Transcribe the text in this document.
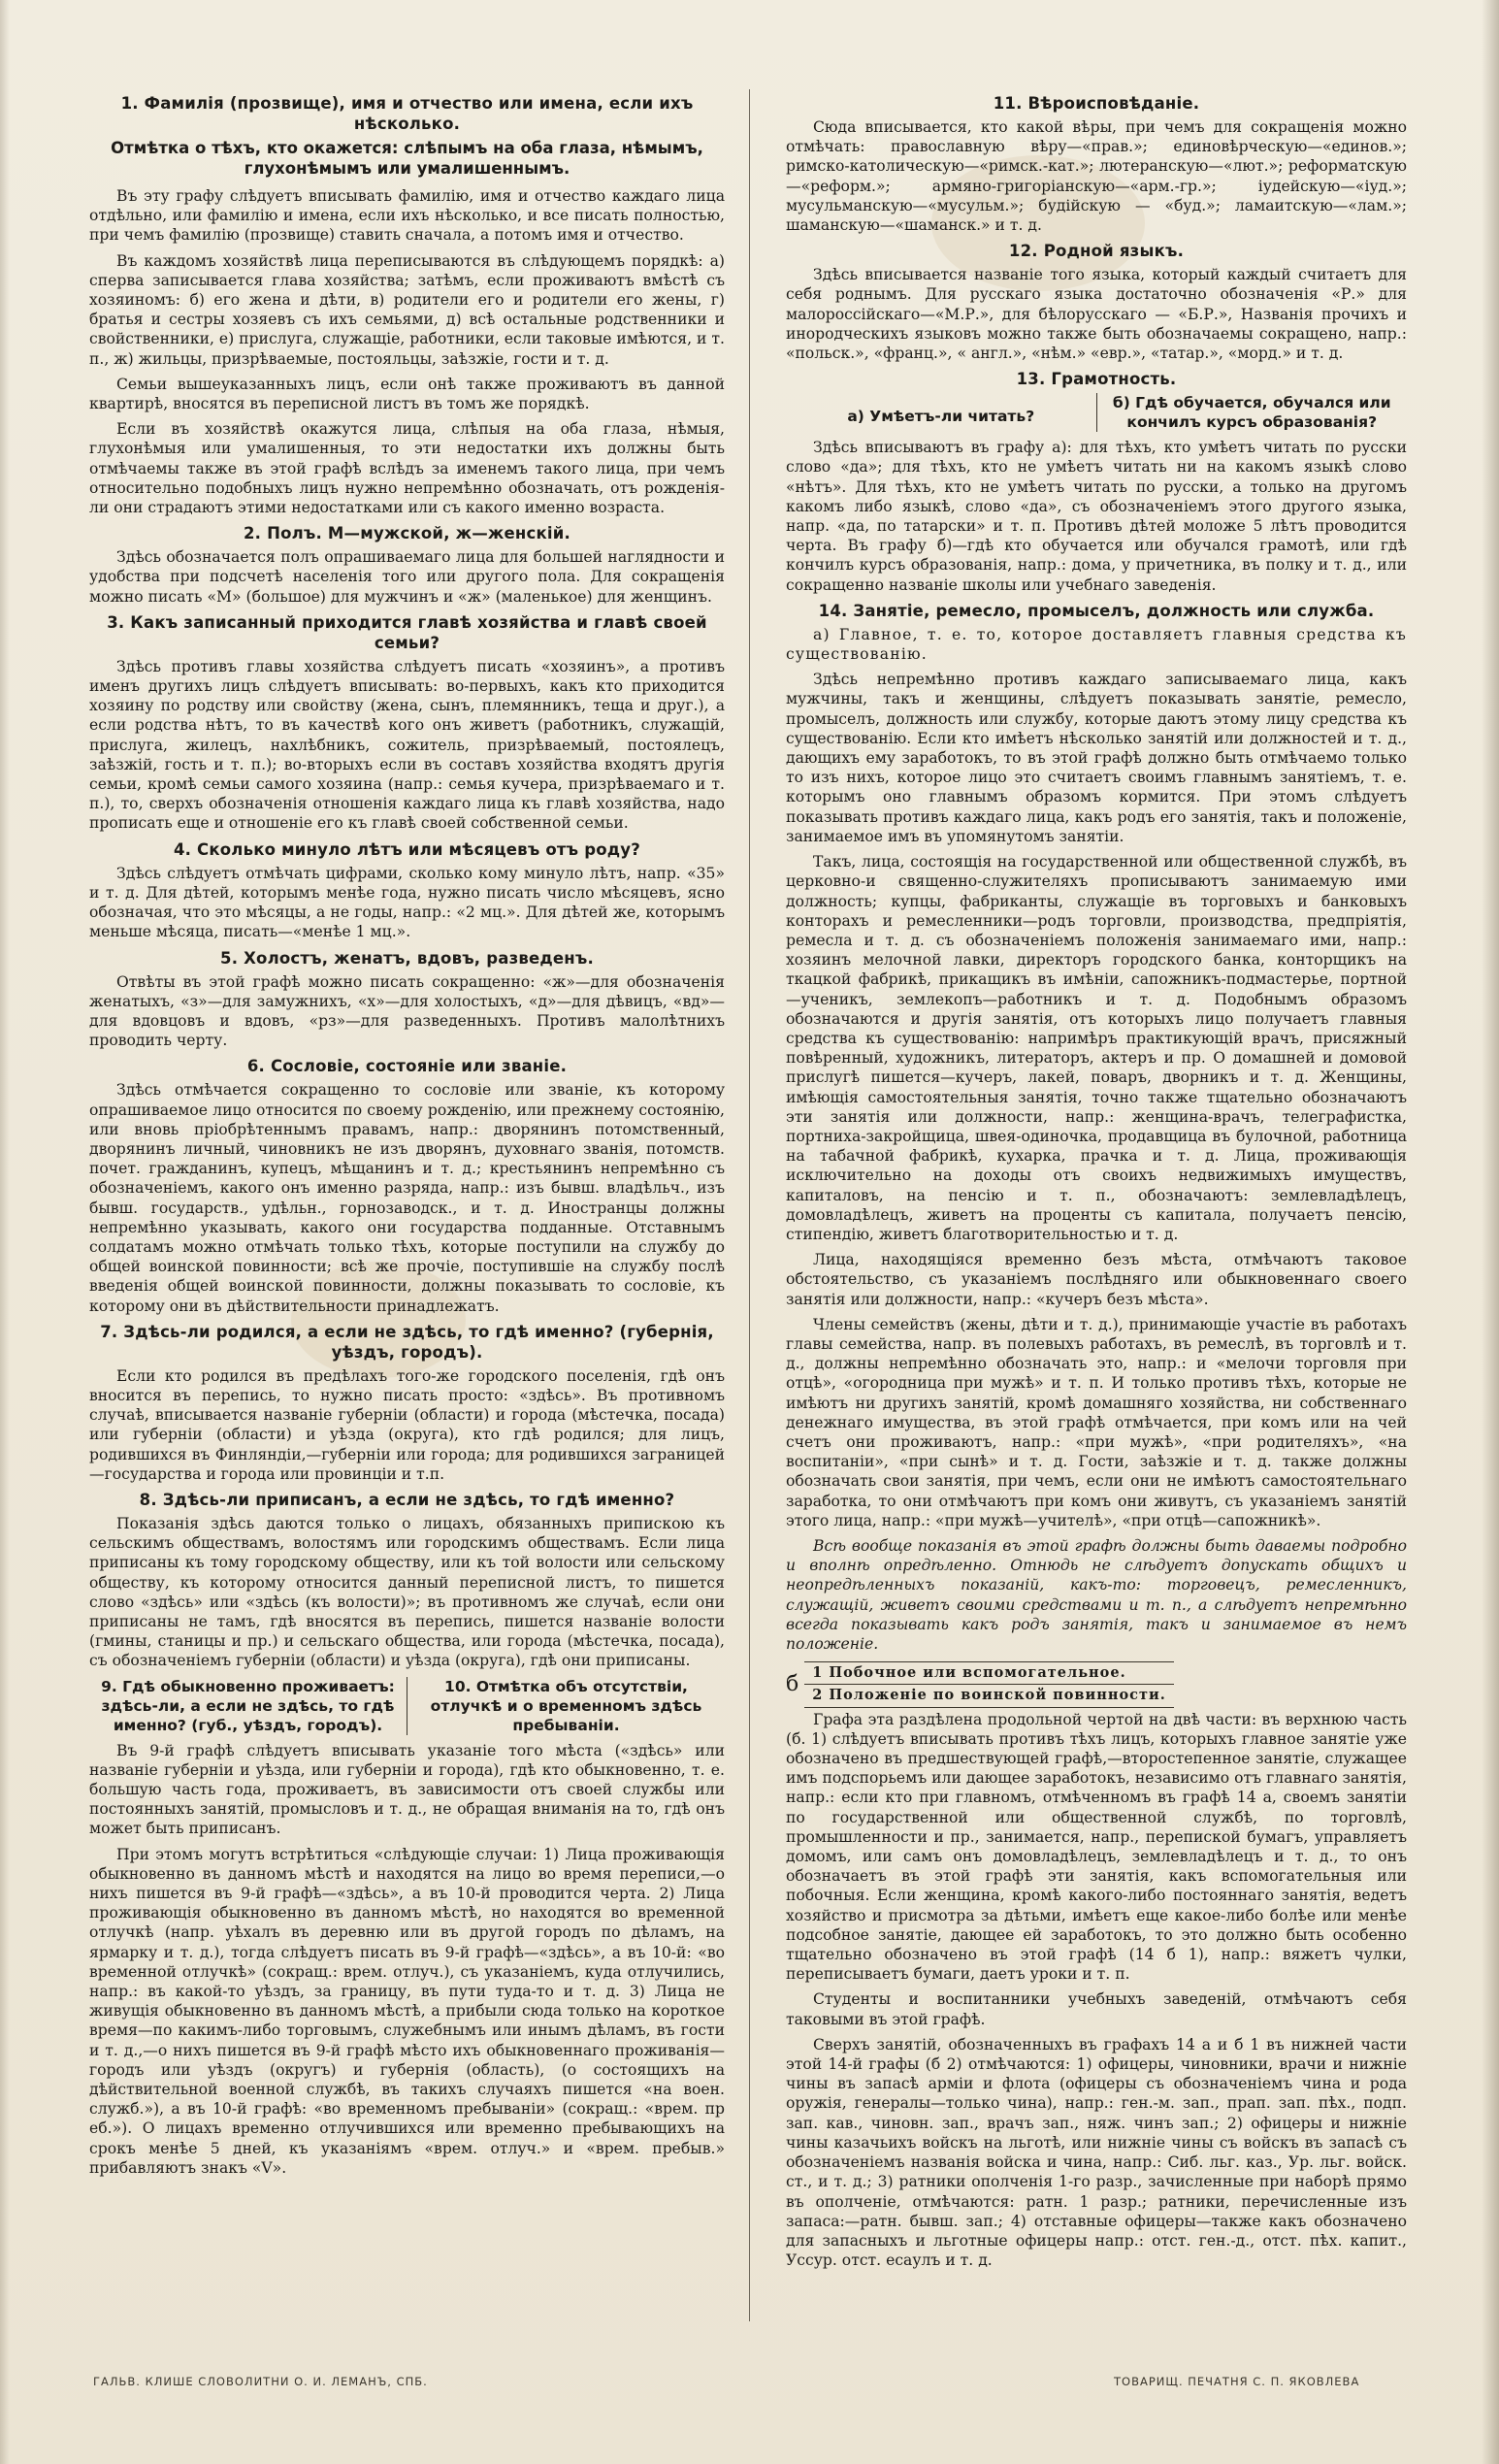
1. Фамилія (прозвище), имя и отчество или имена, если ихъ нѣсколько.
Отмѣтка о тѣхъ, кто окажется: слѣпымъ на оба глаза, нѣмымъ, глухонѣмымъ или умалишеннымъ.

Въ эту графу слѣдуетъ вписывать фамилію, имя и отчество каждаго лица отдѣльно, или фамилію и имена, если ихъ нѣсколько, и все писать полностью, при чемъ фамилію (прозвище) ставить сначала, а потомъ имя и отчество.

Въ каждомъ хозяйствѣ лица переписываются въ слѣдующемъ порядкѣ: а) сперва записывается глава хозяйства; затѣмъ, если проживаютъ вмѣстѣ съ хозяиномъ: б) его жена и дѣти, в) родители его и родители его жены, г) братья и сестры хозяевъ съ ихъ семьями, д) всѣ остальные родственники и свойственники, е) прислуга, служащіе, работники, если таковые имѣются, и т. п., ж) жильцы, призрѣваемые, постояльцы, заѣзжіе, гости и т. д.

Семьи вышеуказанныхъ лицъ, если онѣ также проживаютъ въ данной квартирѣ, вносятся въ переписной листъ въ томъ же порядкѣ.

Если въ хозяйствѣ окажутся лица, слѣпыя на оба глаза, нѣмыя, глухонѣмыя или умалишенныя, то эти недостатки ихъ должны быть отмѣчаемы также въ этой графѣ вслѣдъ за именемъ такого лица, при чемъ относительно подобныхъ лицъ нужно непремѣнно обозначать, отъ рожденія-ли они страдаютъ этими недостатками или съ какого именно возраста.

2. Полъ. М—мужской, ж—женскій.

Здѣсь обозначается полъ опрашиваемаго лица для большей наглядности и удобства при подсчетѣ населенія того или другого пола. Для сокращенія можно писать «М» (большое) для мужчинъ и «ж» (маленькое) для женщинъ.

3. Какъ записанный приходится главѣ хозяйства и главѣ своей семьи?

Здѣсь противъ главы хозяйства слѣдуетъ писать «хозяинъ», а противъ именъ другихъ лицъ слѣдуетъ вписывать: во-первыхъ, какъ кто приходится хозяину по родству или свойству (жена, сынъ, племянникъ, теща и друг.), а если родства нѣтъ, то въ качествѣ кого онъ живетъ (работникъ, служащій, прислуга, жилецъ, нахлѣбникъ, сожитель, призрѣваемый, постоялецъ, заѣзжій, гость и т. п.); во-вторыхъ если въ составъ хозяйства входятъ другія семьи, кромѣ семьи самого хозяина (напр.: семья кучера, призрѣваемаго и т. п.), то, сверхъ обозначенія отношенія каждаго лица къ главѣ хозяйства, надо прописать еще и отношеніе его къ главѣ своей собственной семьи.

4. Сколько минуло лѣтъ или мѣсяцевъ отъ роду?

Здѣсь слѣдуетъ отмѣчать цифрами, сколько кому минуло лѣтъ, напр. «35» и т. д. Для дѣтей, которымъ менѣе года, нужно писать число мѣсяцевъ, ясно обозначая, что это мѣсяцы, а не годы, напр.: «2 мц.». Для дѣтей же, которымъ меньше мѣсяца, писать—«менѣе 1 мц.».

5. Холостъ, женатъ, вдовъ, разведенъ.

Отвѣты въ этой графѣ можно писать сокращенно: «ж»—для обозначенія женатыхъ, «з»—для замужнихъ, «х»—для холостыхъ, «д»—для дѣвицъ, «вд»—для вдовцовъ и вдовъ, «рз»—для разведенныхъ. Противъ малолѣтнихъ проводить черту.

6. Сословіе, состояніе или званіе.

Здѣсь отмѣчается сокращенно то сословіе или званіе, къ которому опрашиваемое лицо относится по своему рожденію, или прежнему состоянію, или вновь пріобрѣтеннымъ правамъ, напр.: дворянинъ потомственный, дворянинъ личный, чиновникъ не изъ дворянъ, духовнаго званія, потомств. почет. гражданинъ, купецъ, мѣщанинъ и т. д.; крестьянинъ непремѣнно съ обозначеніемъ, какого онъ именно разряда, напр.: изъ бывш. владѣльч., изъ бывш. государств., удѣльн., горнозаводск., и т. д. Иностранцы должны непремѣнно указывать, какого они государства подданные. Отставнымъ солдатамъ можно отмѣчать только тѣхъ, которые поступили на службу до общей воинской повинности; всѣ же прочіе, поступившіе на службу послѣ введенія общей воинской повинности, должны показывать то сословіе, къ которому они въ дѣйствительности принадлежатъ.

7. Здѣсь-ли родился, а если не здѣсь, то гдѣ именно? (губернія, уѣздъ, городъ).

Если кто родился въ предѣлахъ того-же городского поселенія, гдѣ онъ вносится въ перепись, то нужно писать просто: «здѣсь». Въ противномъ случаѣ, вписывается названіе губерніи (области) и города (мѣстечка, посада) или губерніи (области) и уѣзда (округа), кто гдѣ родился; для лицъ, родившихся въ Финляндіи,—губерніи или города; для родившихся заграницей—государства и города или провинціи и т.п.

8. Здѣсь-ли приписанъ, а если не здѣсь, то гдѣ именно?

Показанія здѣсь даются только о лицахъ, обязанныхъ припискою къ сельскимъ обществамъ, волостямъ или городскимъ обществамъ. Если лица приписаны къ тому городскому обществу, или къ той волости или сельскому обществу, къ которому относится данный переписной листъ, то пишется слово «здѣсь» или «здѣсь (къ волости)»; въ противномъ же случаѣ, если они приписаны не тамъ, гдѣ вносятся въ перепись, пишется названіе волости (гмины, станицы и пр.) и сельскаго общества, или города (мѣстечка, посада), съ обозначеніемъ губерніи (области) и уѣзда (округа), гдѣ они приписаны.

9. Гдѣ обыкновенно проживаетъ: здѣсь-ли, а если не здѣсь, то гдѣ именно? (губ., уѣздъ, городъ).
10. Отмѣтка объ отсутствіи, отлучкѣ и о временномъ здѣсь пребываніи.

Въ 9-й графѣ слѣдуетъ вписывать указаніе того мѣста («здѣсь» или названіе губерніи и уѣзда, или губерніи и города), гдѣ кто обыкновенно, т. е. большую часть года, проживаетъ, въ зависимости отъ своей службы или постоянныхъ занятій, промысловъ и т. д., не обращая вниманія на то, гдѣ онъ может быть приписанъ.

При этомъ могутъ встрѣтиться «слѣдующіе случаи: 1) Лица проживающія обыкновенно въ данномъ мѣстѣ и находятся на лицо во время переписи,—о нихъ пишется въ 9-й графѣ—«здѣсь», а въ 10-й проводится черта. 2) Лица проживающія обыкновенно въ данномъ мѣстѣ, но находятся во временной отлучкѣ (напр. уѣхалъ въ деревню или въ другой городъ по дѣламъ, на ярмарку и т. д.), тогда слѣдуетъ писать въ 9-й графѣ—«здѣсь», а въ 10-й: «во временной отлучкѣ» (сокращ.: врем. отлуч.), съ указаніемъ, куда отлучились, напр.: въ какой-то уѣздъ, за границу, въ пути туда-то и т. д. 3) Лица не живущія обыкновенно въ данномъ мѣстѣ, а прибыли сюда только на короткое время—по какимъ-либо торговымъ, служебнымъ или инымъ дѣламъ, въ гости и т. д.,—о нихъ пишется въ 9-й графѣ мѣсто ихъ обыкновеннаго проживанія—городъ или уѣздъ (округъ) и губернія (область), (о состоящихъ на дѣйствительной военной службѣ, въ такихъ случаяхъ пишется «на воен. служб.»), а въ 10-й графѣ: «во временномъ пребываніи» (сокращ.: «врем. пр еб.»). О лицахъ временно отлучившихся или временно пребывающихъ на срокъ менѣе 5 дней, къ указаніямъ «врем. отлуч.» и «врем. пребыв.» прибавляютъ знакъ «V».

11. Вѣроисповѣданіе.

Сюда вписывается, кто какой вѣры, при чемъ для сокращенія можно отмѣчать: православную вѣру—«прав.»; единовѣрческую—«единов.»; римско-католическую—«римск.-кат.»; лютеранскую—«лют.»; реформатскую—«реформ.»; армяно-григоріанскую—«арм.-гр.»; іудейскую—«іуд.»; мусульманскую—«мусульм.»; будійскую — «буд.»; ламаитскую—«лам.»; шаманскую—«шаманск.» и т. д.

12. Родной языкъ.

Здѣсь вписывается названіе того языка, который каждый считаетъ для себя роднымъ. Для русскаго языка достаточно обозначенія «Р.» для малороссійскаго—«М.Р.», для бѣлорусскаго — «Б.Р.», Названія прочихъ и инородческихъ языковъ можно также быть обозначаемы сокращено, напр.: «польск.», «франц.», « англ.», «нѣм.» «евр.», «татар.», «морд.» и т. д.

13. Грамотность.
а) Умѣетъ-ли читать?
б) Гдѣ обучается, обучался или кончилъ курсъ образованія?

Здѣсь вписываютъ въ графу а): для тѣхъ, кто умѣетъ читать по русски слово «да»; для тѣхъ, кто не умѣетъ читать ни на какомъ языкѣ слово «нѣтъ». Для тѣхъ, кто не умѣетъ читать по русски, а только на другомъ какомъ либо языкѣ, слово «да», съ обозначеніемъ этого другого языка, напр. «да, по татарски» и т. п. Противъ дѣтей моложе 5 лѣтъ проводится черта. Въ графу б)—гдѣ кто обучается или обучался грамотѣ, или гдѣ кончилъ курсъ образованія, напр.: дома, у причетника, въ полку и т. д., или сокращенно названіе школы или учебнаго заведенія.

14. Занятіе, ремесло, промыселъ, должность или служба.

а) Главное, т. е. то, которое доставляетъ главныя средства къ существованію.

Здѣсь непремѣнно противъ каждаго записываемаго лица, какъ мужчины, такъ и женщины, слѣдуетъ показывать занятіе, ремесло, промыселъ, должность или службу, которые даютъ этому лицу средства къ существованію. Если кто имѣетъ нѣсколько занятій или должностей и т. д., дающихъ ему заработокъ, то въ этой графѣ должно быть отмѣчаемо только то изъ нихъ, которое лицо это считаетъ своимъ главнымъ занятіемъ, т. е. которымъ оно главнымъ образомъ кормится. При этомъ слѣдуетъ показывать противъ каждаго лица, какъ родъ его занятія, такъ и положеніе, занимаемое имъ въ упомянутомъ занятіи.

Такъ, лица, состоящія на государственной или общественной службѣ, въ церковно-и священно-служителяхъ прописываютъ занимаемую ими должность; купцы, фабриканты, служащіе въ торговыхъ и банковыхъ конторахъ и ремесленники—родъ торговли, производства, предпріятія, ремесла и т. д. съ обозначеніемъ положенія занимаемаго ими, напр.: хозяинъ мелочной лавки, директоръ городского банка, конторщикъ на ткацкой фабрикѣ, прикащикъ въ имѣніи, сапожникъ-подмастерье, портной—ученикъ, землекопъ—работникъ и т. д. Подобнымъ образомъ обозначаются и другія занятія, отъ которыхъ лицо получаетъ главныя средства къ существованію: напримѣръ практикующій врачъ, присяжный повѣренный, художникъ, литераторъ, актеръ и пр. О домашней и домовой прислугѣ пишется—кучеръ, лакей, поваръ, дворникъ и т. д. Женщины, имѣющія самостоятельныя занятія, точно также тщательно обозначаютъ эти занятія или должности, напр.: женщина-врачъ, телеграфистка, портниха-закройщица, швея-одиночка, продавщица въ булочной, работница на табачной фабрикѣ, кухарка, прачка и т. д. Лица, проживающія исключительно на доходы отъ своихъ недвижимыхъ имуществъ, капиталовъ, на пенсію и т. п., обозначаютъ: землевладѣлецъ, домовладѣлецъ, живетъ на проценты съ капитала, получаетъ пенсію, стипендію, живетъ благотворительностью и т. д.

Лица, находящіяся временно безъ мѣста, отмѣчаютъ таковое обстоятельство, съ указаніемъ послѣдняго или обыкновеннаго своего занятія или должности, напр.: «кучеръ безъ мѣста».

Члены семействъ (жены, дѣти и т. д.), принимающіе участіе въ работахъ главы семейства, напр. въ полевыхъ работахъ, въ ремеслѣ, въ торговлѣ и т. д., должны непремѣнно обозначать это, напр.: и «мелочи торговля при отцѣ», «огородница при мужѣ» и т. п. И только противъ тѣхъ, которые не имѣютъ ни другихъ занятій, кромѣ домашняго хозяйства, ни собственнаго денежнаго имущества, въ этой графѣ отмѣчается, при комъ или на чей счетъ они проживаютъ, напр.: «при мужѣ», «при родителяхъ», «на воспитаніи», «при сынѣ» и т. д. Гости, заѣзжіе и т. д. также должны обозначать свои занятія, при чемъ, если они не имѣютъ самостоятельнаго заработка, то они отмѣчаютъ при комъ они живутъ, съ указаніемъ занятій этого лица, напр.: «при мужѣ—учителѣ», «при отцѣ—сапожникѣ».

Всѣ вообще показанія въ этой графѣ должны быть даваемы подробно и вполнѣ опредѣленно. Отнюдь не слѣдуетъ допускать общихъ и неопредѣленныхъ показаній, какъ-то: торговецъ, ремесленникъ, служащій, живетъ своими средствами и т. п., а слѣдуетъ непремѣнно всегда показывать какъ родъ занятія, такъ и занимаемое въ немъ положеніе.

б 1 Побочное или вспомогательное.
2 Положеніе по воинской повинности.

Графа эта раздѣлена продольной чертой на двѣ части: въ верхнюю часть (б. 1) слѣдуетъ вписывать противъ тѣхъ лицъ, которыхъ главное занятіе уже обозначено въ предшествующей графѣ,—второстепенное занятіе, служащее имъ подспорьемъ или дающее заработокъ, независимо отъ главнаго занятія, напр.: если кто при главномъ, отмѣченномъ въ графѣ 14 а, своемъ занятіи по государственной или общественной службѣ, по торговлѣ, промышленности и пр., занимается, напр., перепиской бумагъ, управляетъ домомъ, или самъ онъ домовладѣлецъ, землевладѣлецъ и т. д., то онъ обозначаетъ въ этой графѣ эти занятія, какъ вспомогательныя или побочныя. Если женщина, кромѣ какого-либо постояннаго занятія, ведетъ хозяйство и присмотра за дѣтьми, имѣетъ еще какое-либо болѣе или менѣе подсобное занятіе, дающее ей заработокъ, то это должно быть особенно тщательно обозначено въ этой графѣ (14 б 1), напр.: вяжетъ чулки, переписываетъ бумаги, даетъ уроки и т. п.

Студенты и воспитанники учебныхъ заведеній, отмѣчаютъ себя таковыми въ этой графѣ.

Сверхъ занятій, обозначенныхъ въ графахъ 14 а и б 1 въ нижней части этой 14-й графы (б 2) отмѣчаются: 1) офицеры, чиновники, врачи и нижніе чины въ запасѣ арміи и флота (офицеры съ обозначеніемъ чина и рода оружія, генералы—только чина), напр.: ген.-м. зап., прап. зап. пѣх., подп. зап. кав., чиновн. зап., врачъ зап., няж. чинъ зап.; 2) офицеры и нижніе чины казачьихъ войскъ на льготѣ, или нижніе чины съ войскъ въ запасѣ съ обозначеніемъ названія войска и чина, напр.: Сиб. льг. каз., Ур. льг. войск. ст., и т. д.; 3) ратники ополченія 1-го разр., зачисленные при наборѣ прямо въ ополченіе, отмѣчаются: ратн. 1 разр.; ратники, перечисленные изъ запаса:—ратн. бывш. зап.; 4) отставные офицеры—также какъ обозначено для запасныхъ и льготные офицеры напр.: отст. ген.-д., отст. пѣх. капит., Уссур. отст. есаулъ и т. д.

ГАЛЬВ. КЛИШЕ СЛОВОЛИТНИ О. И. ЛЕМАНЪ, СПБ.	ТОВАРИЩ. ПЕЧАТНЯ С. П. ЯКОВЛЕВА
